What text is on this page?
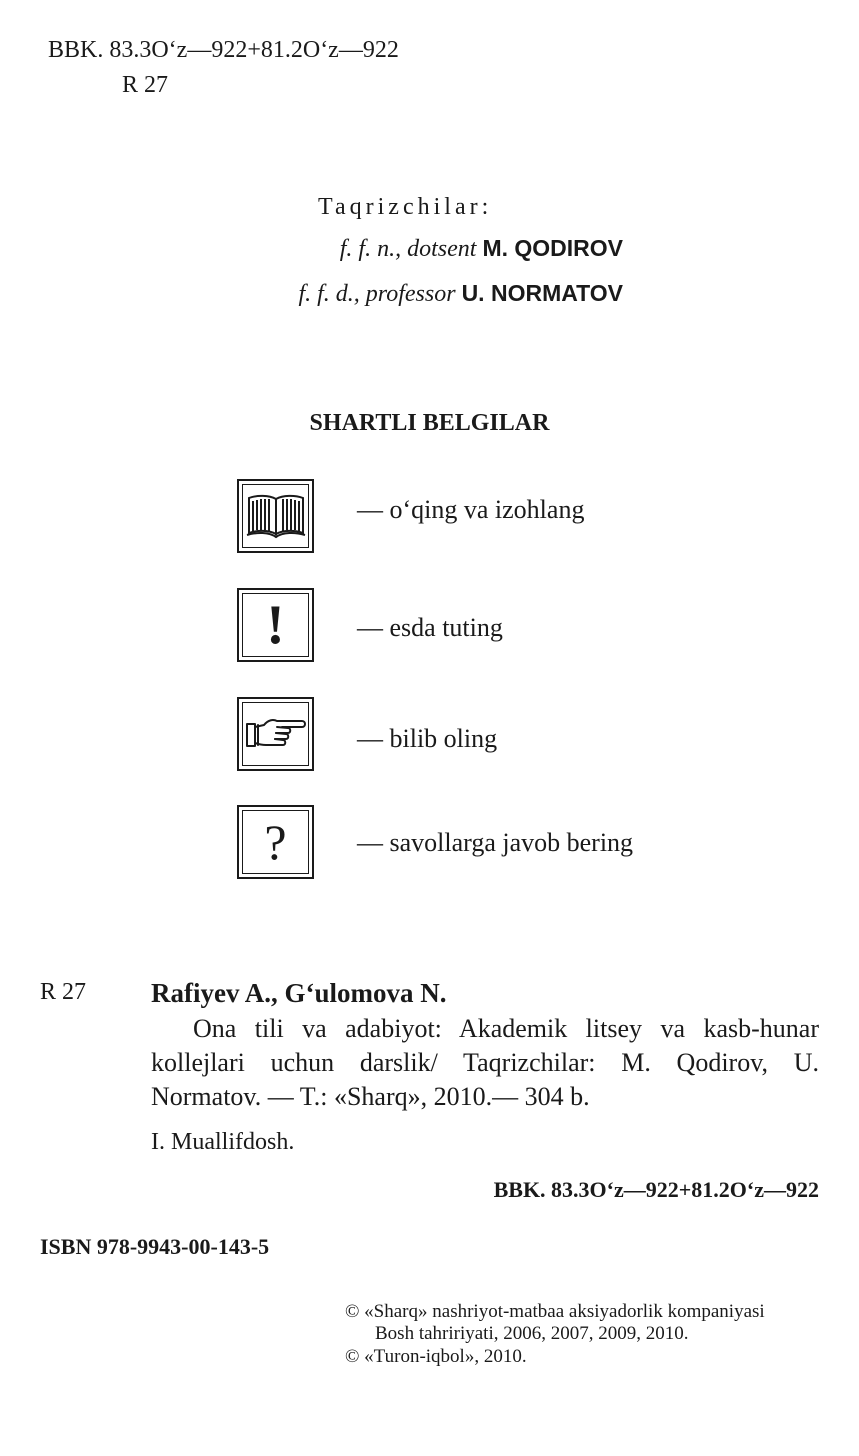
BBK. 83.3O‘z—922+81.2O‘z—922
R 27
Taqrizchilar:
f. f. n., dotsent M. QODIROV
f. f. d., professor U. NORMATOV
SHARTLI BELGILAR
— o‘qing va izohlang
!	— esda tuting
— bilib oling
?	— savollarga javob bering
R 27 Rafiyev A., G‘ulomova N.
Ona tili va adabiyot: Akademik litsey va kasb-hunar kollejlari uchun darslik/ Taqrizchilar: M. Qodirov, U. Normatov. — T.: «Sharq», 2010.— 304 b.
I. Muallifdosh.
BBK. 83.3O‘z—922+81.2O‘z—922
ISBN 978-9943-00-143-5
© «Sharq» nashriyot-matbaa aksiyadorlik kompaniyasi
Bosh tahririyati, 2006, 2007, 2009, 2010.
© «Turon-iqbol», 2010.
